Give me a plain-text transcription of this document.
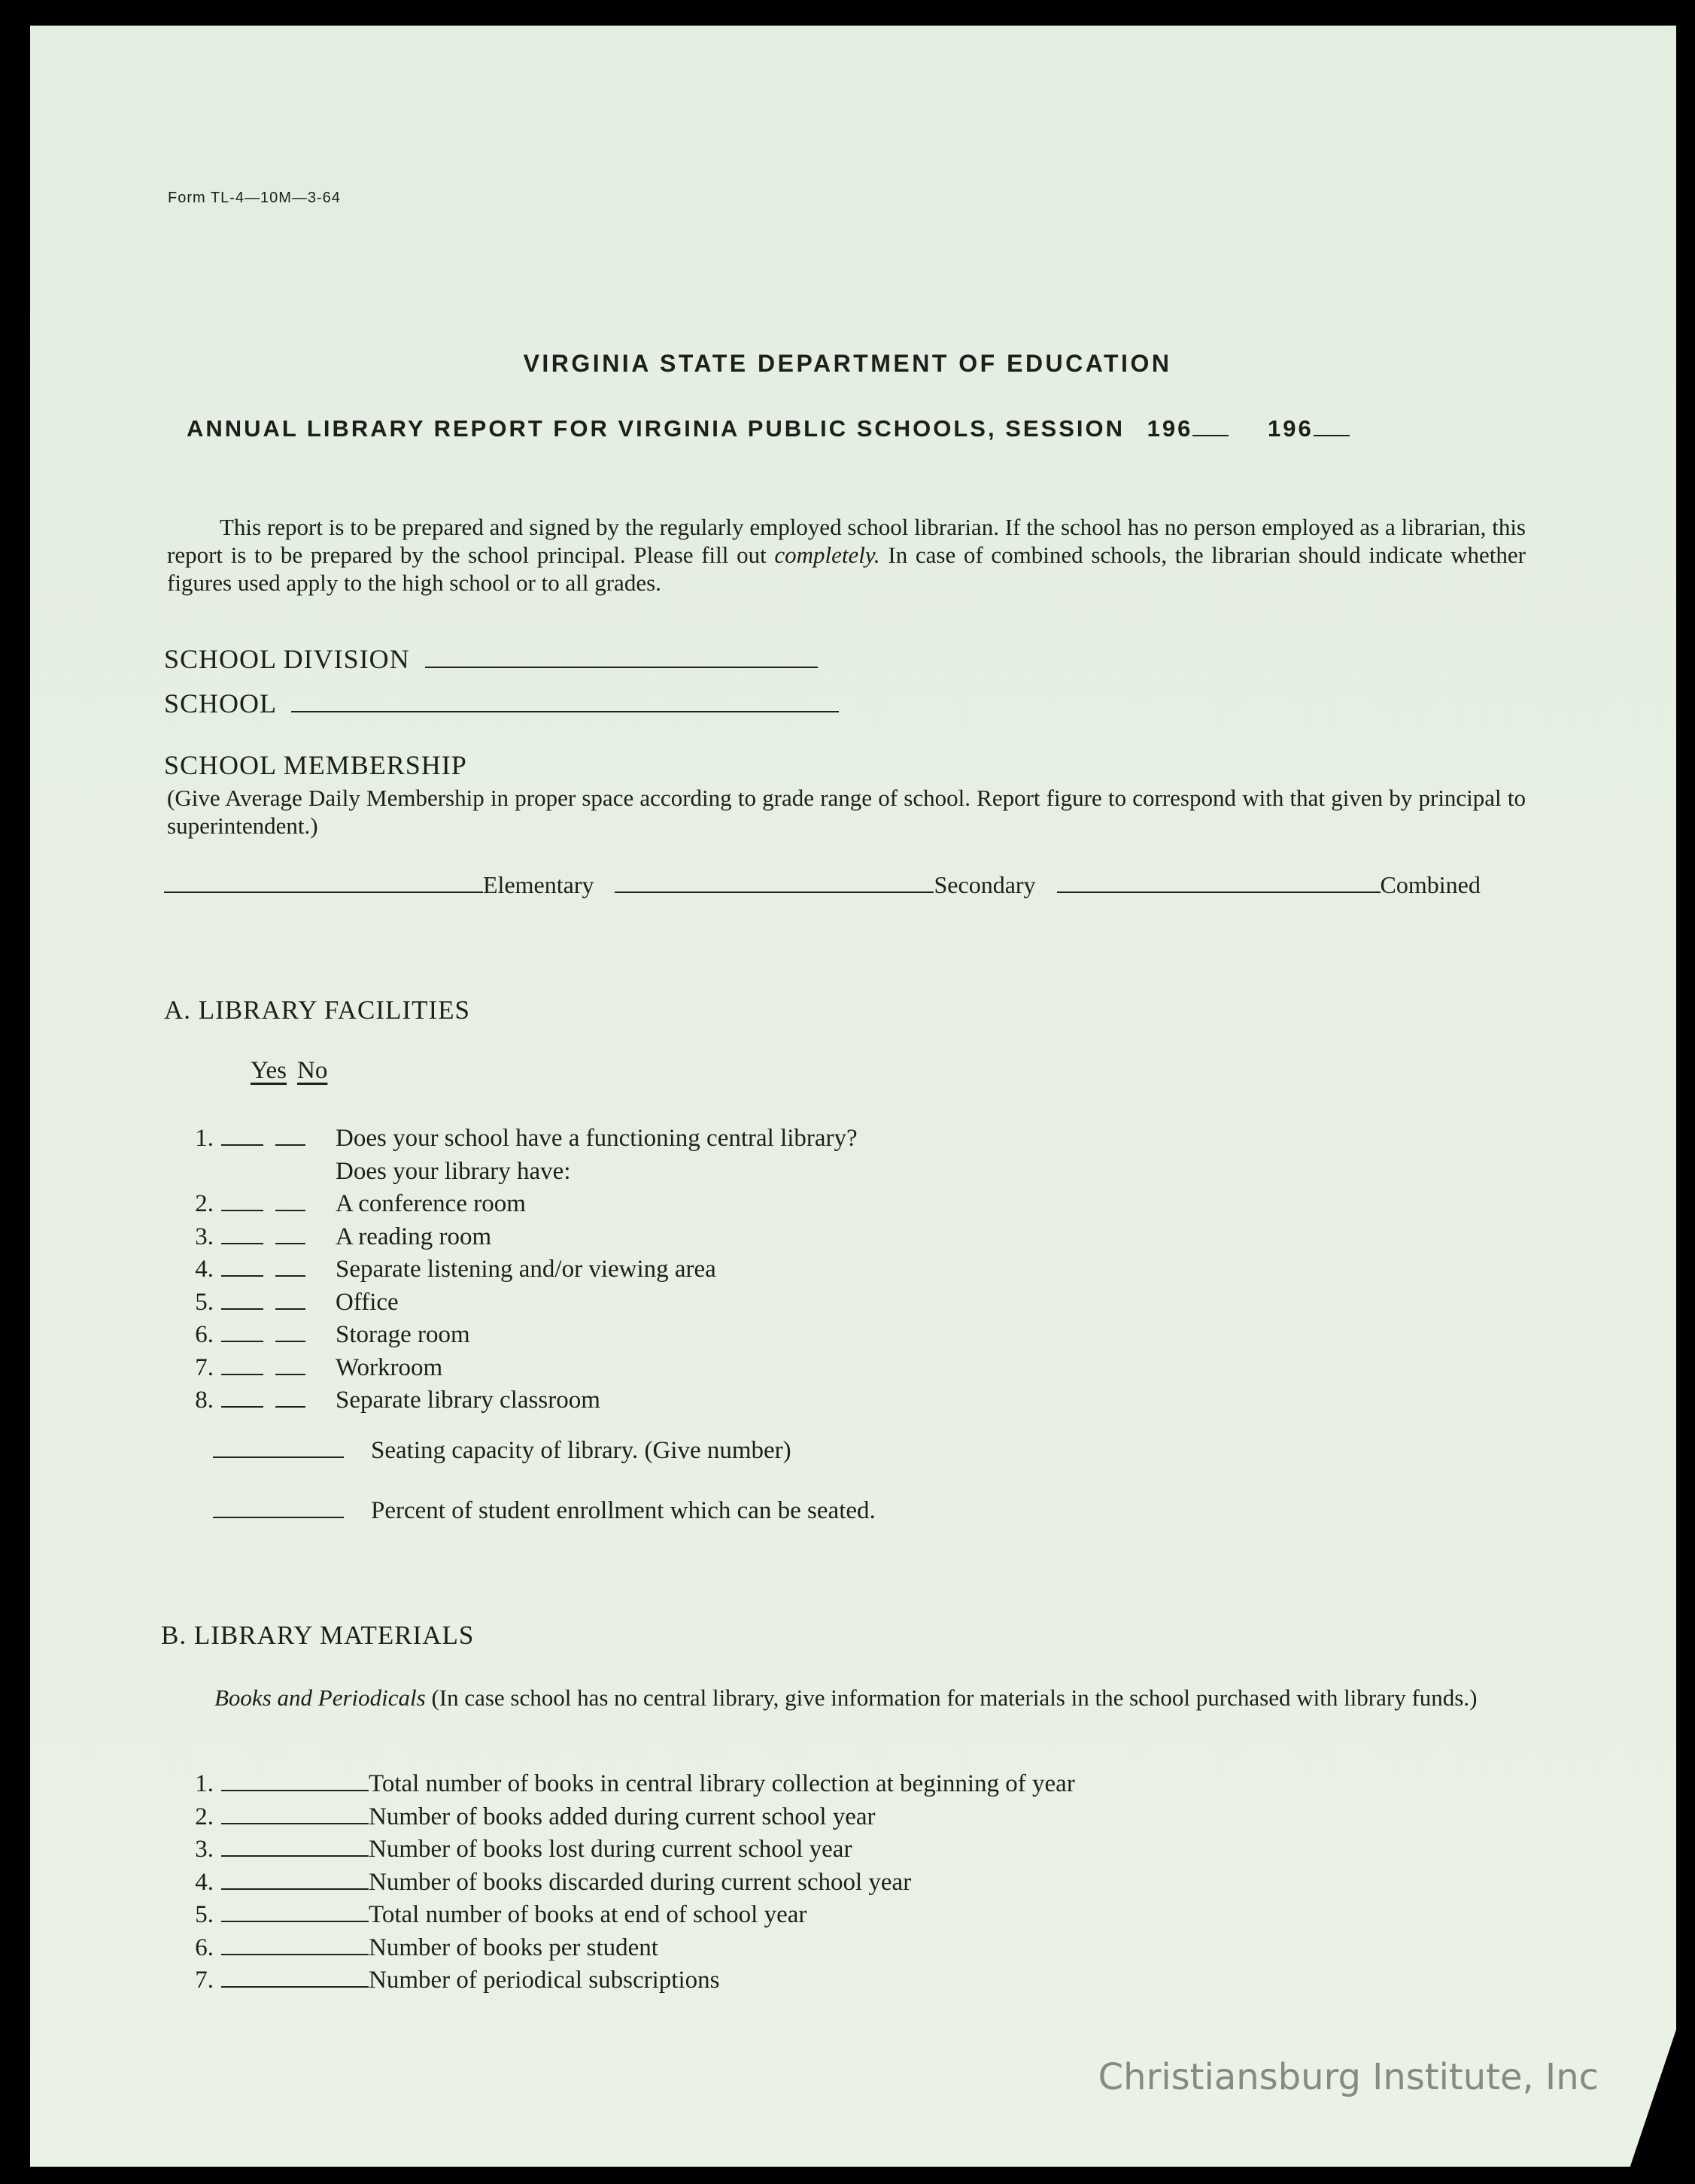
Form TL-4—10M—3-64
VIRGINIA STATE DEPARTMENT OF EDUCATION
ANNUAL LIBRARY REPORT FOR VIRGINIA PUBLIC SCHOOLS, SESSION 196	196
This report is to be prepared and signed by the regularly employed school librarian. If the school has no person employed as a librarian, this report is to be prepared by the school principal. Please fill out completely. In case of combined schools, the librarian should indicate whether figures used apply to the high school or to all grades.
SCHOOL DIVISION
SCHOOL
SCHOOL MEMBERSHIP
(Give Average Daily Membership in proper space according to grade range of school. Report figure to correspond with that given by principal to superintendent.)
Elementary	Secondary	Combined
A. LIBRARY FACILITIES
Yes No
1.	Does your school have a functioning central library?
Does your library have:
2.	A conference room
3.	A reading room
4.	Separate listening and/or viewing area
5.	Office
6.	Storage room
7.	Workroom
8.	Separate library classroom
Seating capacity of library. (Give number)
Percent of student enrollment which can be seated.
B. LIBRARY MATERIALS
Books and Periodicals (In case school has no central library, give information for materials in the school purchased with library funds.)
1.	Total number of books in central library collection at beginning of year
2.	Number of books added during current school year
3.	Number of books lost during current school year
4.	Number of books discarded during current school year
5.	Total number of books at end of school year
6.	Number of books per student
7.	Number of periodical subscriptions
Christiansburg Institute, Inc
